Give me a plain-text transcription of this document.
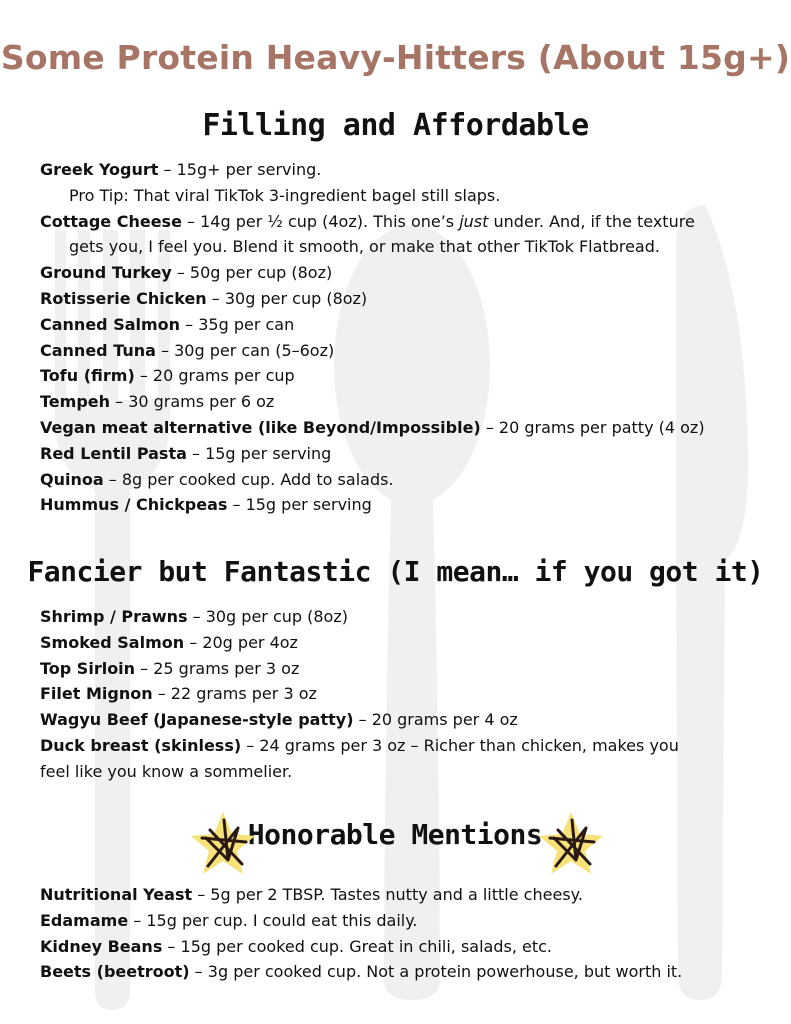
Some Protein Heavy-Hitters (About 15g+)
Filling and Affordable
Greek Yogurt – 15g+ per serving.
Pro Tip: That viral TikTok 3-ingredient bagel still slaps.
Cottage Cheese – 14g per ½ cup (4oz). This one’s just under. And, if the texture
gets you, I feel you. Blend it smooth, or make that other TikTok Flatbread.
Ground Turkey – 50g per cup (8oz)
Rotisserie Chicken – 30g per cup (8oz)
Canned Salmon – 35g per can
Canned Tuna – 30g per can (5–6oz)
Tofu (firm) – 20 grams per cup
Tempeh – 30 grams per 6 oz
Vegan meat alternative (like Beyond/Impossible) – 20 grams per patty (4 oz)
Red Lentil Pasta – 15g per serving
Quinoa – 8g per cooked cup. Add to salads.
Hummus / Chickpeas – 15g per serving
Fancier but Fantastic (I mean… if you got it)
Shrimp / Prawns – 30g per cup (8oz)
Smoked Salmon – 20g per 4oz
Top Sirloin – 25 grams per 3 oz
Filet Mignon – 22 grams per 3 oz
Wagyu Beef (Japanese-style patty) – 20 grams per 4 oz
Duck breast (skinless) – 24 grams per 3 oz – Richer than chicken, makes you
feel like you know a sommelier.
Honorable Mentions
Nutritional Yeast – 5g per 2 TBSP. Tastes nutty and a little cheesy.
Edamame – 15g per cup. I could eat this daily.
Kidney Beans – 15g per cooked cup. Great in chili, salads, etc.
Beets (beetroot) – 3g per cooked cup. Not a protein powerhouse, but worth it.
